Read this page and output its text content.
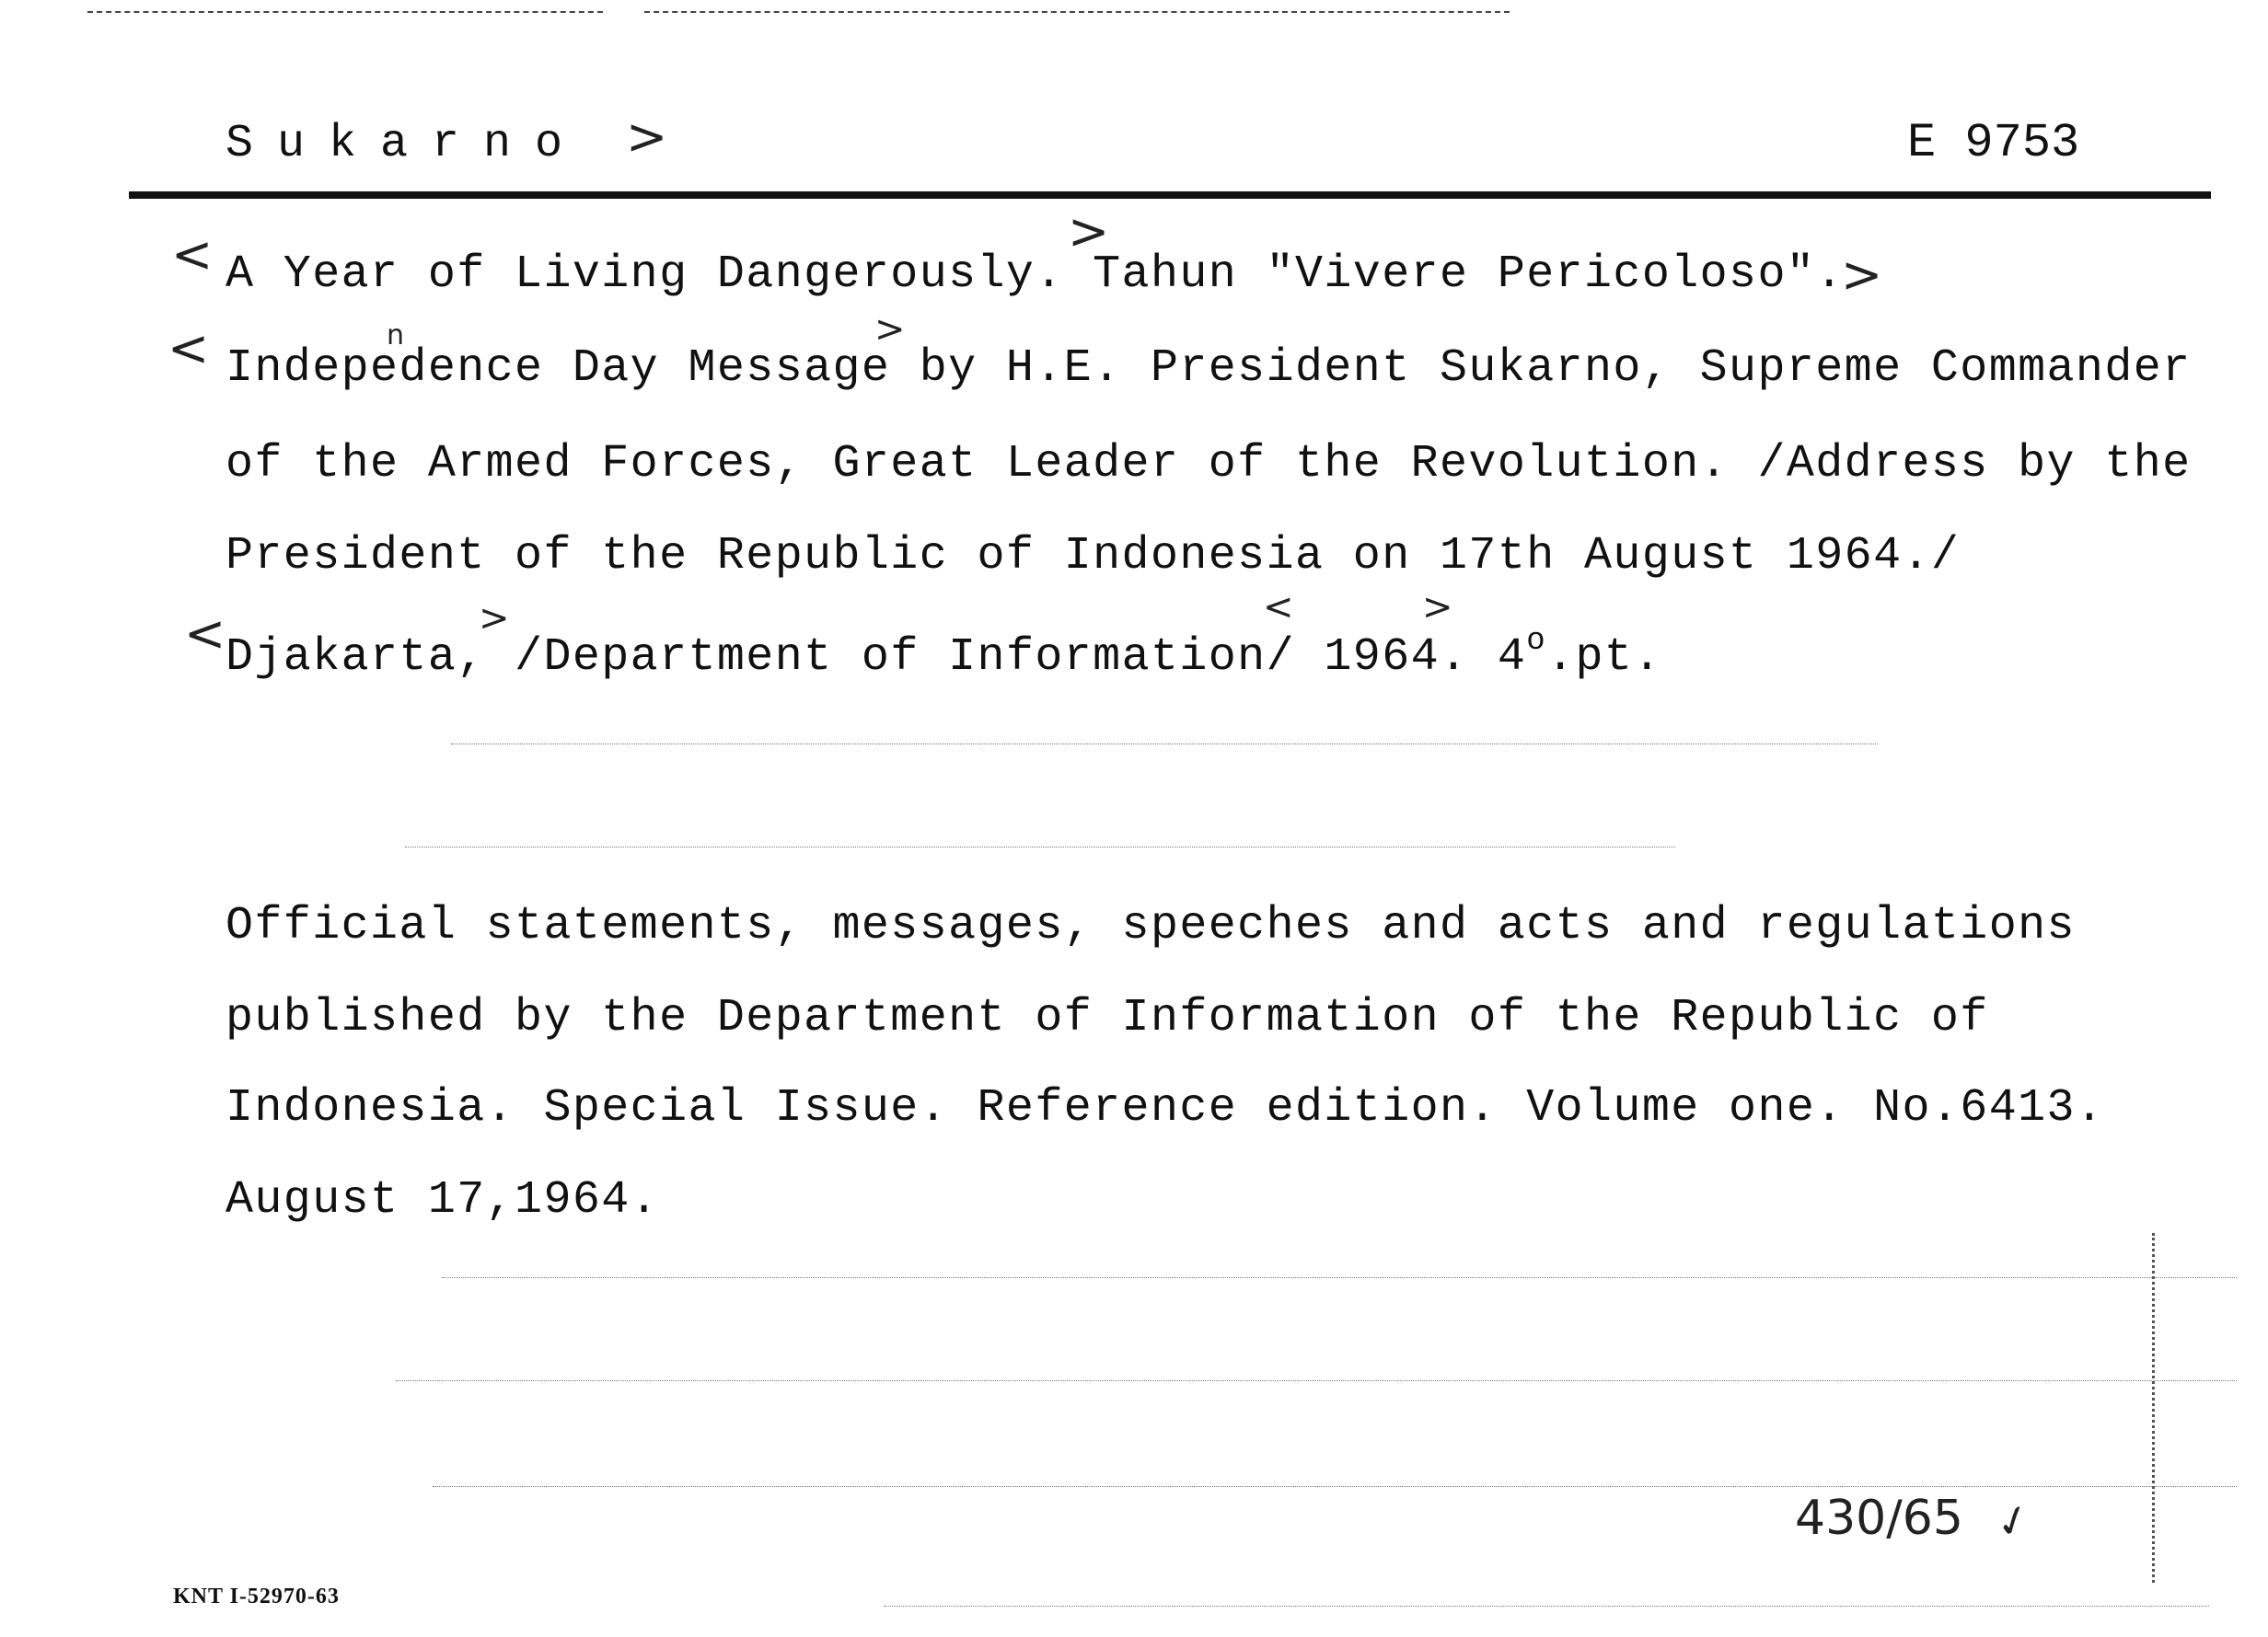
Sukarno >	E 9753
< A Year of Living Dangerously. Tahun "Vivere Pericoloso".
>
>
<	n
Indepedence Day Message by H.E. President Sukarno, Supreme Commander
>
of the Armed Forces, Great Leader of the Revolution. /Address by the
President of the Republic of Indonesia on 17th August 1964./
< Djakarta, /Department of Information/ 1964. $4^o.pt$.
>	<	>
Official statements, messages, speeches and acts and regulations
published by the Department of Information of the Republic of
Indonesia. Special Issue. Reference edition. Volume one. No.6413.
August 17,1964.
430/65 ✓
KNT I-52970-63
